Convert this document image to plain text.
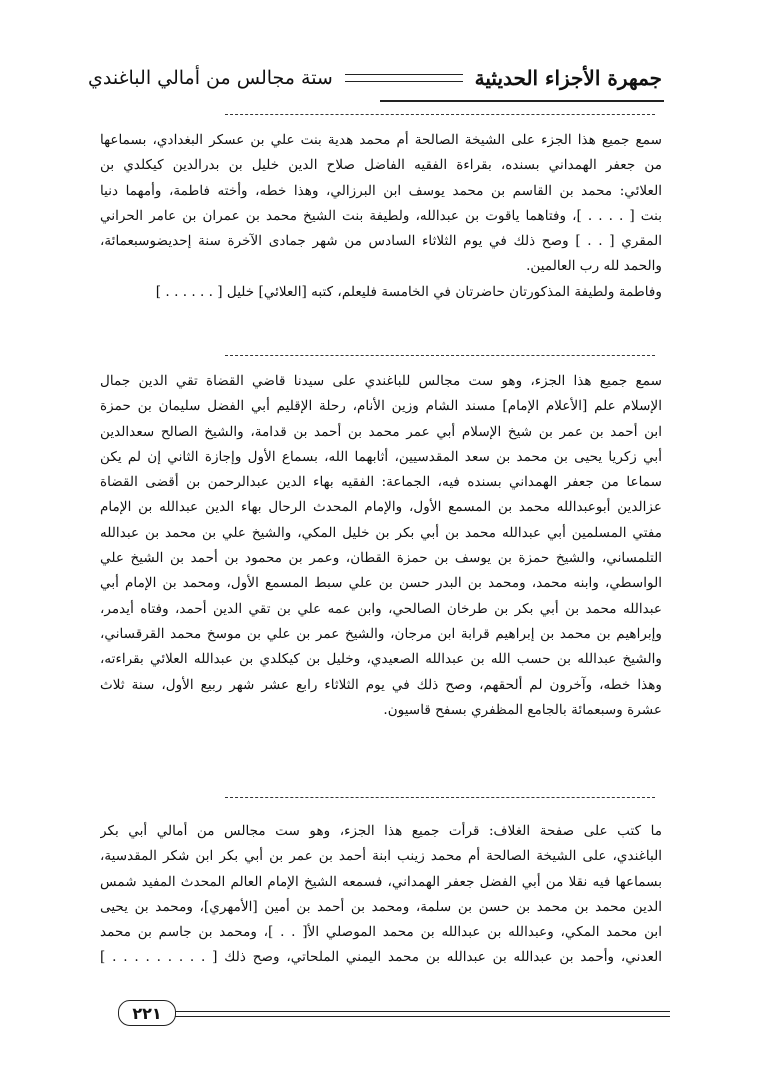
جمهرة الأجزاء الحديثية
ستة مجالس من أمالي الباغندي
سمع جميع هذا الجزء على الشيخة الصالحة أم محمد هدية بنت علي بن عسكر البغدادي، بسماعها
من جعفر الهمداني بسنده، بقراءة الفقيه الفاضل صلاح الدين خليل بن بدرالدين كيكلدي بن
العلائي: محمد بن القاسم بن محمد يوسف ابن البرزالي، وهذا خطه، وأخته فاطمة، وأمهما دنيا
بنت [ . . . . ]، وفتاهما ياقوت بن عبدالله، ولطيفة بنت الشيخ محمد بن عمران بن عامر الحراني
المقري [ . . ] وصح ذلك في يوم الثلاثاء السادس من شهر جمادى الآخرة سنة إحديضوسبعمائة،
والحمد لله رب العالمين.
وفاطمة ولطيفة المذكورتان حاضرتان في الخامسة فليعلم، كتبه [العلائي] خليل [ . . . . . . ]
سمع جميع هذا الجزء، وهو ست مجالس للباغندي على سيدنا قاضي القضاة تقي الدين جمال
الإسلام علم [الأعلام الإمام] مسند الشام وزين الأنام، رحلة الإقليم أبي الفضل سليمان بن حمزة
ابن أحمد بن عمر بن شيخ الإسلام أبي عمر محمد بن أحمد بن قدامة، والشيخ الصالح سعدالدين
أبي زكريا يحيى بن محمد بن سعد المقدسيين، أثابهما الله، بسماع الأول وإجازة الثاني إن لم يكن
سماعا من جعفر الهمداني بسنده فيه، الجماعة: الفقيه بهاء الدين عبدالرحمن بن أقضى القضاة
عزالدين أبوعبدالله محمد بن المسمع الأول، والإمام المحدث الرحال بهاء الدين عبدالله بن الإمام
مفتي المسلمين أبي عبدالله محمد بن أبي بكر بن خليل المكي، والشيخ علي بن محمد بن عبدالله
التلمساني، والشيخ حمزة بن يوسف بن حمزة القطان، وعمر بن محمود بن أحمد بن الشيخ علي
الواسطي، وابنه محمد، ومحمد بن البدر حسن بن علي سبط المسمع الأول، ومحمد بن الإمام أبي
عبدالله محمد بن أبي بكر بن طرخان الصالحي، وابن عمه علي بن تقي الدين أحمد، وفتاه أيدمر،
وإبراهيم بن محمد بن إبراهيم قرابة ابن مرجان، والشيخ عمر بن علي بن موسخ محمد القرقساني،
والشيخ عبدالله بن حسب الله بن عبدالله الصعيدي، وخليل بن كيكلدي بن عبدالله العلائي بقراءته،
وهذا خطه، وآخرون لم ألحقهم، وصح ذلك في يوم الثلاثاء رابع عشر شهر ربيع الأول، سنة ثلاث
عشرة وسبعمائة بالجامع المظفري بسفح قاسيون.
ما كتب على صفحة الغلاف: قرأت جميع هذا الجزء، وهو ست مجالس من أمالي أبي بكر
الباغندي، على الشيخة الصالحة أم محمد زينب ابنة أحمد بن عمر بن أبي بكر ابن شكر المقدسية،
بسماعها فيه نقلا من أبي الفضل جعفر الهمداني، فسمعه الشيخ الإمام العالم المحدث المفيد شمس
الدين محمد بن محمد بن حسن بن سلمة، ومحمد بن أحمد بن أمين [الأمهري]، ومحمد بن يحيى
ابن محمد المكي، وعبدالله بن عبدالله بن محمد الموصلي الأ[ . . ]، ومحمد بن جاسم بن محمد
العدني، وأحمد بن عبدالله بن عبدالله بن محمد اليمني الملحاتي، وصح ذلك [ . . . . . . . . . ]
٢٢١
